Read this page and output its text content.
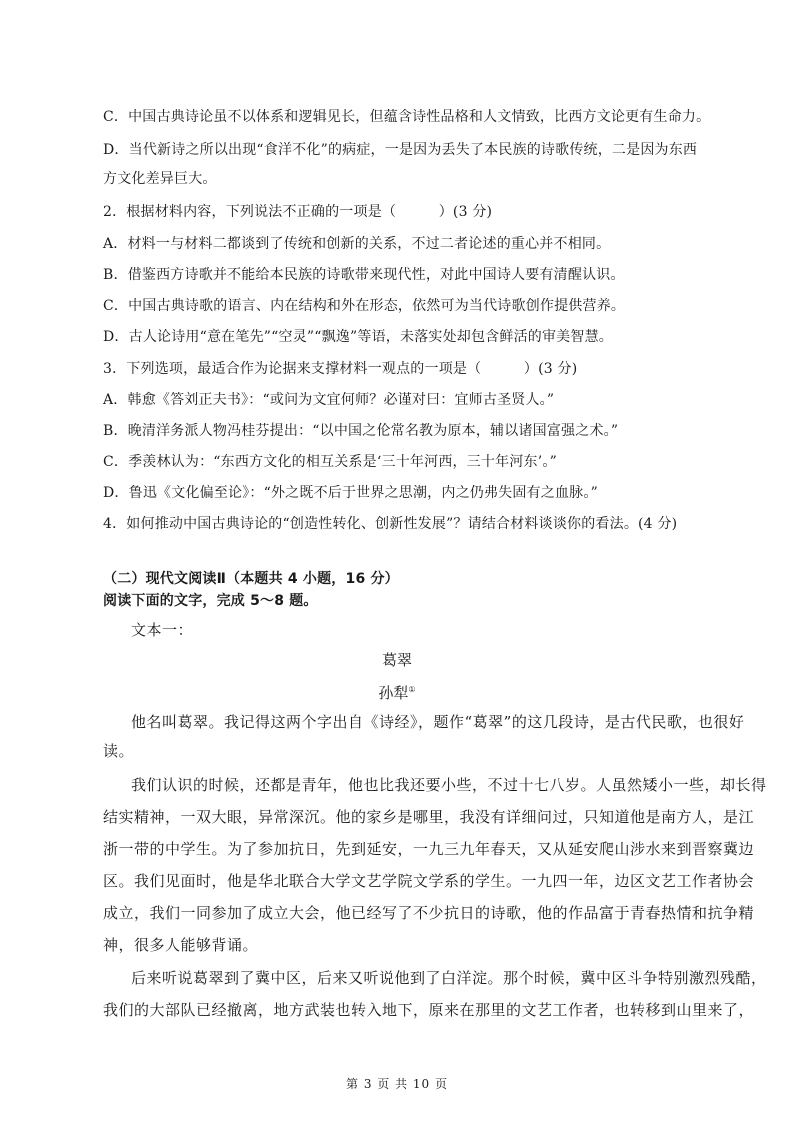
C．中国古典诗论虽不以体系和逻辑见长，但蕴含诗性品格和人文情致，比西方文论更有生命力。
D．当代新诗之所以出现“食洋不化”的病症，一是因为丢失了本民族的诗歌传统，二是因为东西
方文化差异巨大。
2．根据材料内容，下列说法不正确的一项是（　　　）(3 分)
A．材料一与材料二都谈到了传统和创新的关系，不过二者论述的重心并不相同。
B．借鉴西方诗歌并不能给本民族的诗歌带来现代性，对此中国诗人要有清醒认识。
C．中国古典诗歌的语言、内在结构和外在形态，依然可为当代诗歌创作提供营养。
D．古人论诗用“意在笔先”“空灵”“飘逸”等语，未落实处却包含鲜活的审美智慧。
3．下列选项，最适合作为论据来支撑材料一观点的一项是（　　　）(3 分)
A．韩愈《答刘正夫书》：“或问为文宜何师？必谨对曰：宜师古圣贤人。”
B．晚清洋务派人物冯桂芬提出：“以中国之伦常名教为原本，辅以诸国富强之术。”
C．季羡林认为：“东西方文化的相互关系是‘三十年河西，三十年河东’。”
D．鲁迅《文化偏至论》：“外之既不后于世界之思潮，内之仍弗失固有之血脉。”
4．如何推动中国古典诗论的“创造性转化、创新性发展”？请结合材料谈谈你的看法。(4 分)
（二）现代文阅读Ⅱ（本题共 4 小题，16 分）
阅读下面的文字，完成 5～8 题。
文本一：
葛翠
孙犁①
他名叫葛翠。我记得这两个字出自《诗经》，题作“葛翠”的这几段诗，是古代民歌，也很好
读。
我们认识的时候，还都是青年，他也比我还要小些，不过十七八岁。人虽然矮小一些，却长得
结实精神，一双大眼，异常深沉。他的家乡是哪里，我没有详细问过，只知道他是南方人，是江
浙一带的中学生。为了参加抗日，先到延安，一九三九年春天，又从延安爬山涉水来到晋察冀边
区。我们见面时，他是华北联合大学文艺学院文学系的学生。一九四一年，边区文艺工作者协会
成立，我们一同参加了成立大会，他已经写了不少抗日的诗歌，他的作品富于青春热情和抗争精
神，很多人能够背诵。
后来听说葛翠到了冀中区，后来又听说他到了白洋淀。那个时候，冀中区斗争特别激烈残酷，
我们的大部队已经撤离，地方武装也转入地下，原来在那里的文艺工作者，也转移到山里来了，
第 3 页 共 10 页
